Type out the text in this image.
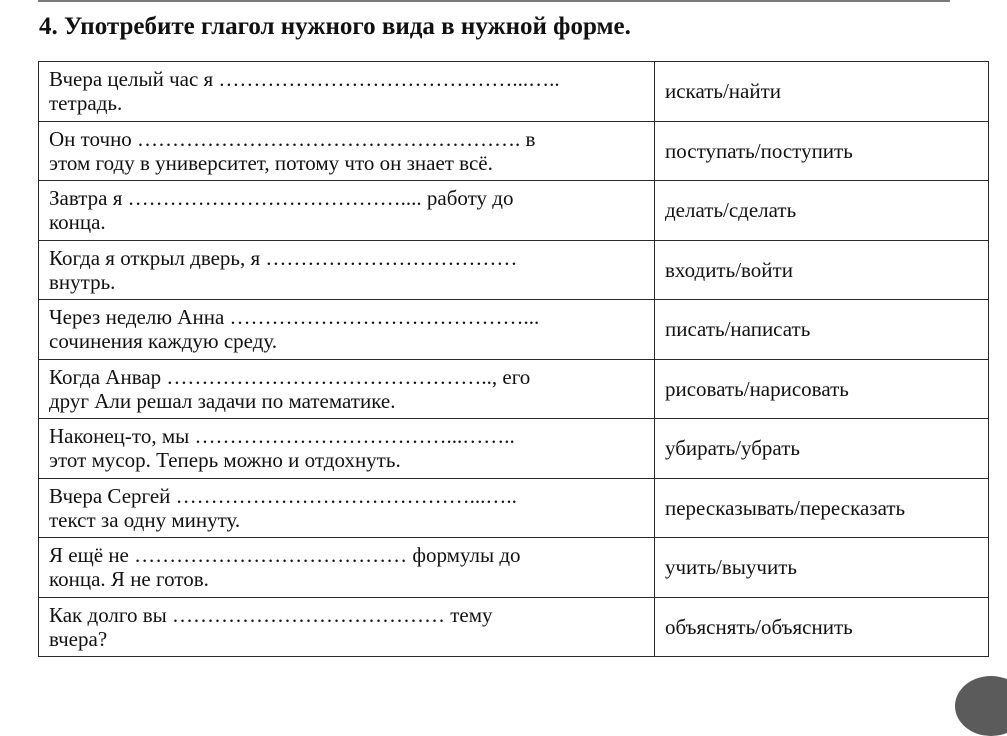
4. Употребите глагол нужного вида в нужной форме.
Вчера целый час я ……………………………………...…..
тетрадь.	искать/найти

Он точно ………………………………………………. в
этом году в университет, потому что он знает всё.	поступать/поступить

Завтра я ………………………………….... работу до
конца.	делать/сделать

Когда я открыл дверь, я ………………………………
внутрь.	входить/войти

Через неделю Анна ……………………………………...
сочинения каждую среду.	писать/написать

Когда Анвар ……………………………………….., его
друг Али решал задачи по математике.	рисовать/нарисовать

Наконец-то, мы ………………………………...……..
этот мусор. Теперь можно и отдохнуть.	убирать/убрать

Вчера Сергей ……………………………………...…..
текст за одну минуту.	пересказывать/пересказать

Я ещё не ………………………………… формулы до
конца. Я не готов.	учить/выучить

Как долго вы ………………………………… тему
вчера?	объяснять/объяснить
